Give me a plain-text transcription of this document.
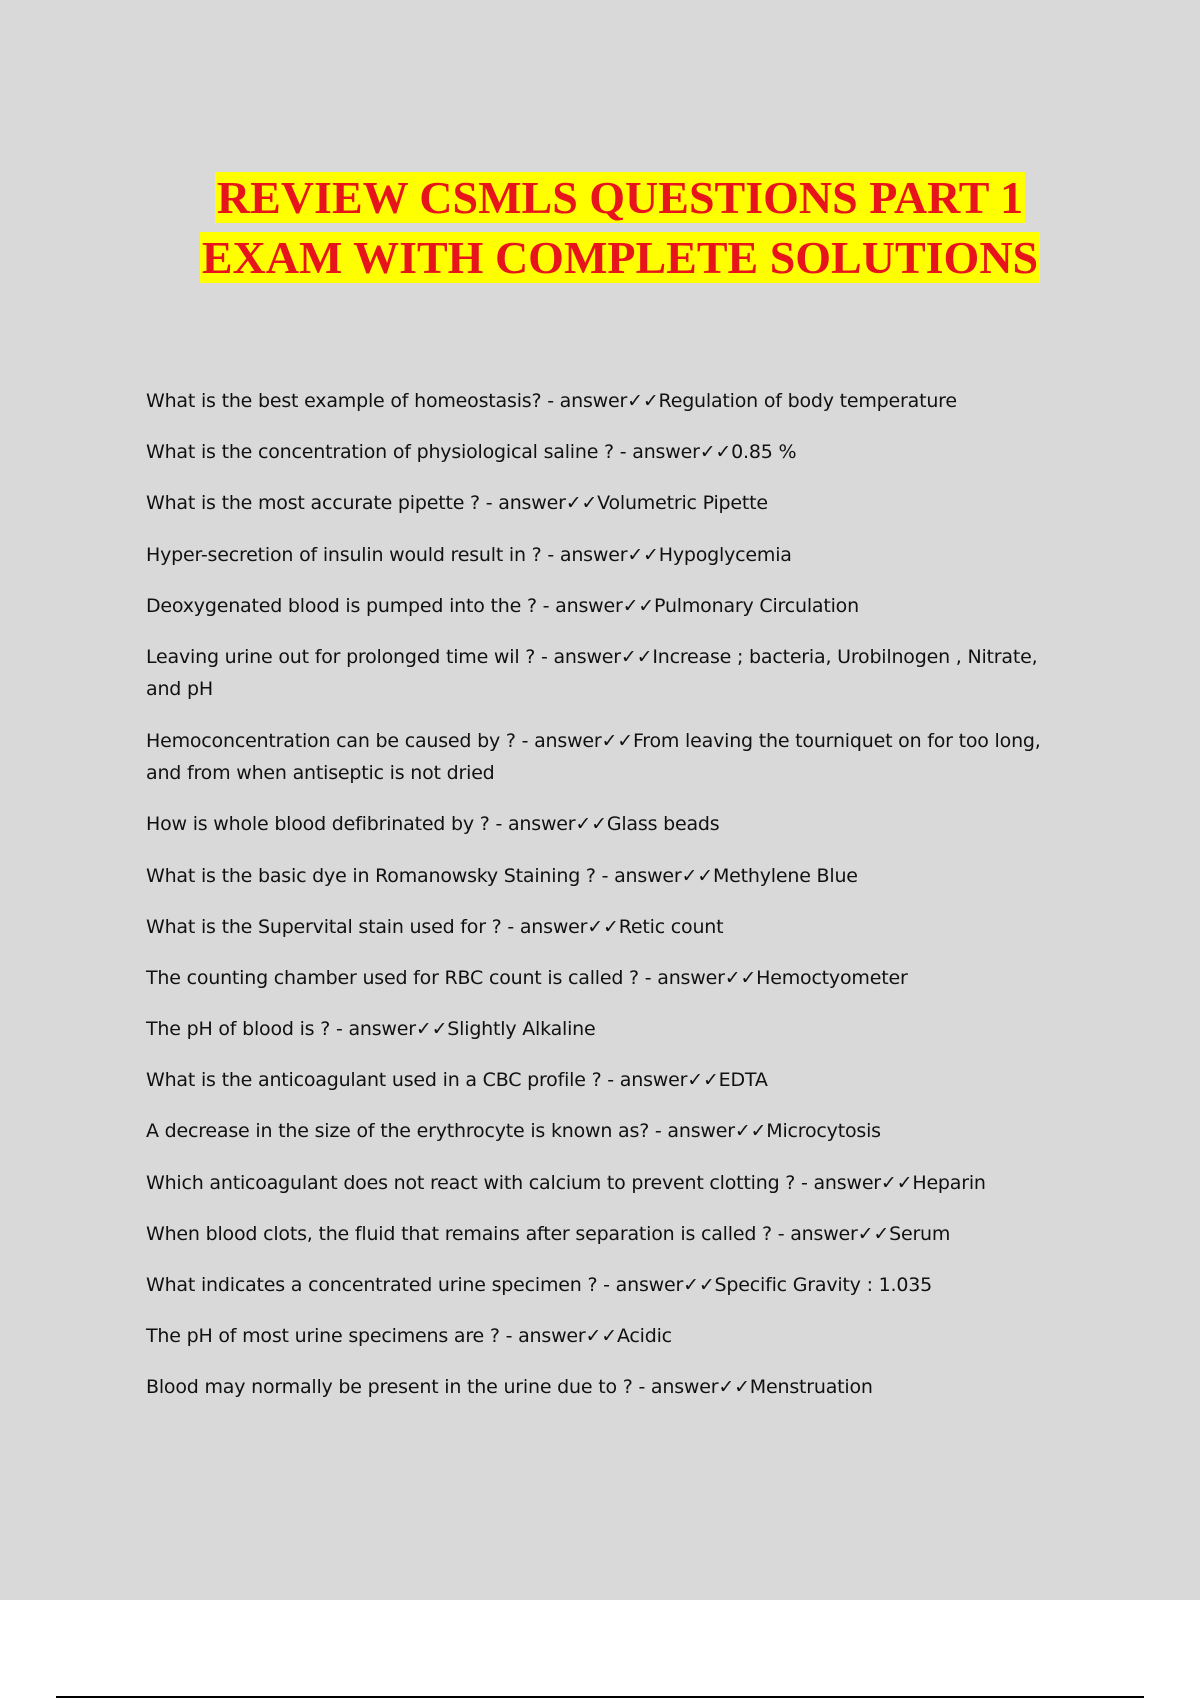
REVIEW CSMLS QUESTIONS PART 1
EXAM WITH COMPLETE SOLUTIONS
What is the best example of homeostasis? - answer✓✓Regulation of body temperature
What is the concentration of physiological saline ? - answer✓✓0.85 %
What is the most accurate pipette ? - answer✓✓Volumetric Pipette
Hyper-secretion of insulin would result in ? - answer✓✓Hypoglycemia
Deoxygenated blood is pumped into the ? - answer✓✓Pulmonary Circulation
Leaving urine out for prolonged time wil ? - answer✓✓Increase ; bacteria, Urobilnogen , Nitrate, and pH
Hemoconcentration can be caused by ? - answer✓✓From leaving the tourniquet on for too long, and from when antiseptic is not dried
How is whole blood defibrinated by ? - answer✓✓Glass beads
What is the basic dye in Romanowsky Staining ? - answer✓✓Methylene Blue
What is the Supervital stain used for ? - answer✓✓Retic count
The counting chamber used for RBC count is called ? - answer✓✓Hemoctyometer
The pH of blood is ? - answer✓✓Slightly Alkaline
What is the anticoagulant used in a CBC profile ? - answer✓✓EDTA
A decrease in the size of the erythrocyte is known as? - answer✓✓Microcytosis
Which anticoagulant does not react with calcium to prevent clotting ? - answer✓✓Heparin
When blood clots, the fluid that remains after separation is called ? - answer✓✓Serum
What indicates a concentrated urine specimen ? - answer✓✓Specific Gravity : 1.035
The pH of most urine specimens are ? - answer✓✓Acidic
Blood may normally be present in the urine due to ? - answer✓✓Menstruation
